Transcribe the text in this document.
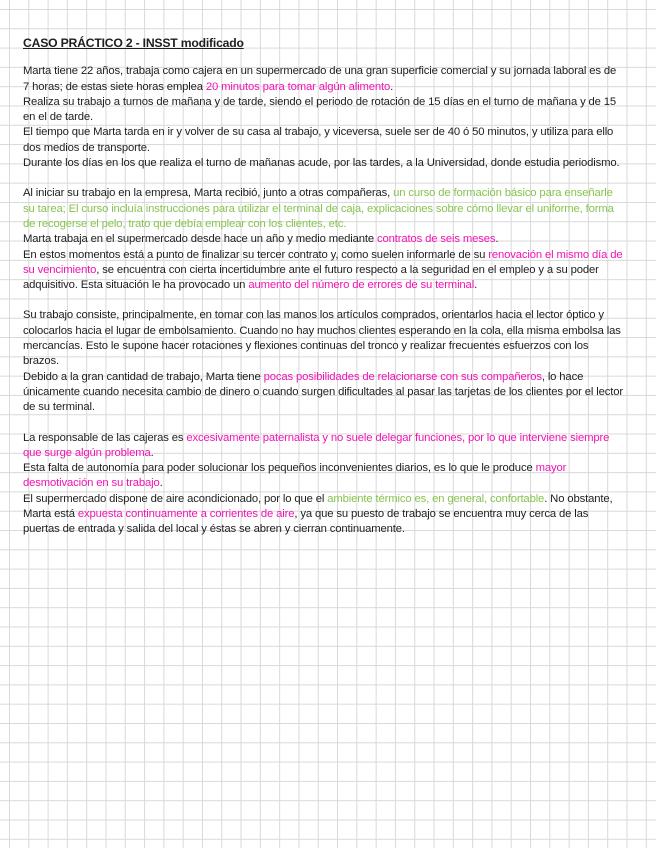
CASO PRÁCTICO 2 - INSST modificado
Marta tiene 22 años, trabaja como cajera en un supermercado de una gran superficie comercial y su jornada laboral es de 7 horas; de estas siete horas emplea 20 minutos para tomar algún alimento.
Realiza su trabajo a turnos de mañana y de tarde, siendo el periodo de rotación de 15 días en el turno de mañana y de 15 en el de tarde.
El tiempo que Marta tarda en ir y volver de su casa al trabajo, y viceversa, suele ser de 40 ó 50 minutos, y utiliza para ello dos medios de transporte.
Durante los días en los que realiza el turno de mañanas acude, por las tardes, a la Universidad, donde estudia periodismo.
Al iniciar su trabajo en la empresa, Marta recibió, junto a otras compañeras, un curso de formación básico para enseñarle su tarea; El curso incluía instrucciones para utilizar el terminal de caja, explicaciones sobre cómo llevar el uniforme, forma de recogerse el pelo, trato que debía emplear con los clientes, etc.
Marta trabaja en el supermercado desde hace un año y medio mediante contratos de seis meses.
En estos momentos está a punto de finalizar su tercer contrato y, como suelen informarle de su renovación el mismo día de su vencimiento, se encuentra con cierta incertidumbre ante el futuro respecto a la seguridad en el empleo y a su poder adquisitivo. Esta situación le ha provocado un aumento del número de errores de su terminal.
Su trabajo consiste, principalmente, en tomar con las manos los artículos comprados, orientarlos hacia el lector óptico y colocarlos hacia el lugar de embolsamiento. Cuando no hay muchos clientes esperando en la cola, ella misma embolsa las mercancías. Esto le supone hacer rotaciones y flexiones continuas del tronco y realizar frecuentes esfuerzos con los brazos.
Debido a la gran cantidad de trabajo, Marta tiene pocas posibilidades de relacionarse con sus compañeros, lo hace únicamente cuando necesita cambio de dinero o cuando surgen dificultades al pasar las tarjetas de los clientes por el lector de su terminal.
La responsable de las cajeras es excesivamente paternalista y no suele delegar funciones, por lo que interviene siempre que surge algún problema.
Esta falta de autonomía para poder solucionar los pequeños inconvenientes diarios, es lo que le produce mayor desmotivación en su trabajo.
El supermercado dispone de aire acondicionado, por lo que el ambiente térmico es, en general, confortable. No obstante, Marta está expuesta continuamente a corrientes de aire, ya que su puesto de trabajo se encuentra muy cerca de las puertas de entrada y salida del local y éstas se abren y cierran continuamente.
